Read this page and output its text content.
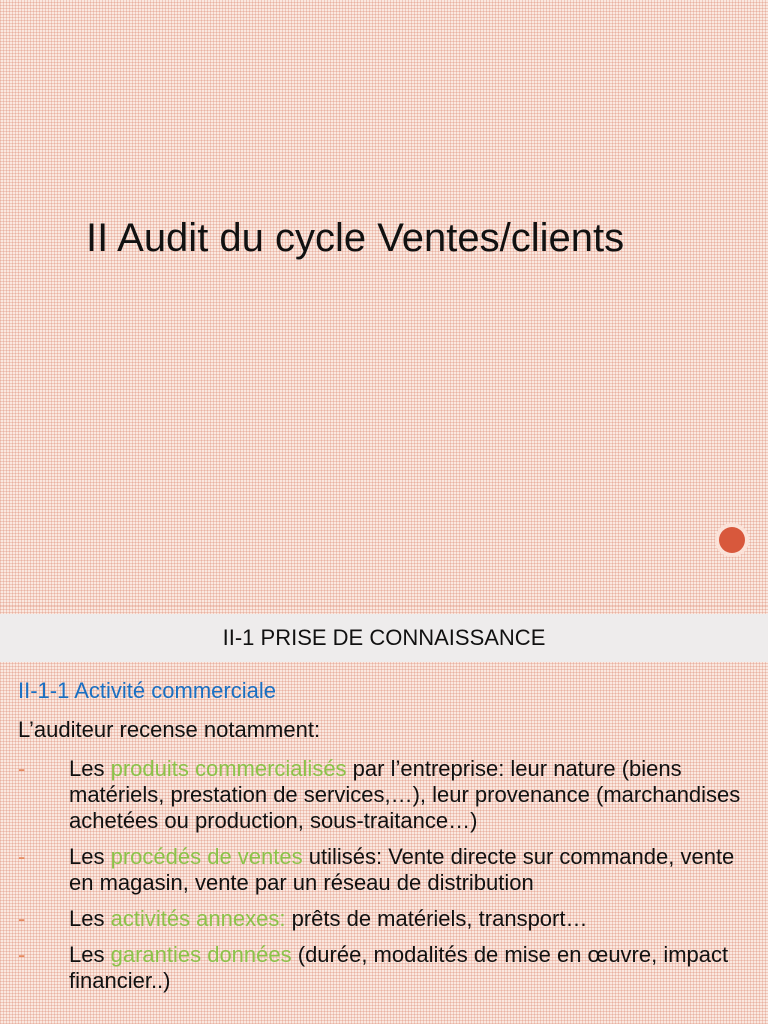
II Audit du cycle Ventes/clients
II-1 PRISE DE CONNAISSANCE
II-1-1 Activité commerciale
L’auditeur recense notamment:
- Les produits commercialisés par l’entreprise: leur nature (biens matériels, prestation de services,…), leur provenance (marchandises achetées ou production, sous-traitance…)
- Les procédés de ventes utilisés: Vente directe sur commande, vente en magasin, vente par un réseau de distribution
- Les activités annexes: prêts de matériels, transport…
- Les garanties données (durée, modalités de mise en œuvre, impact financier..)
